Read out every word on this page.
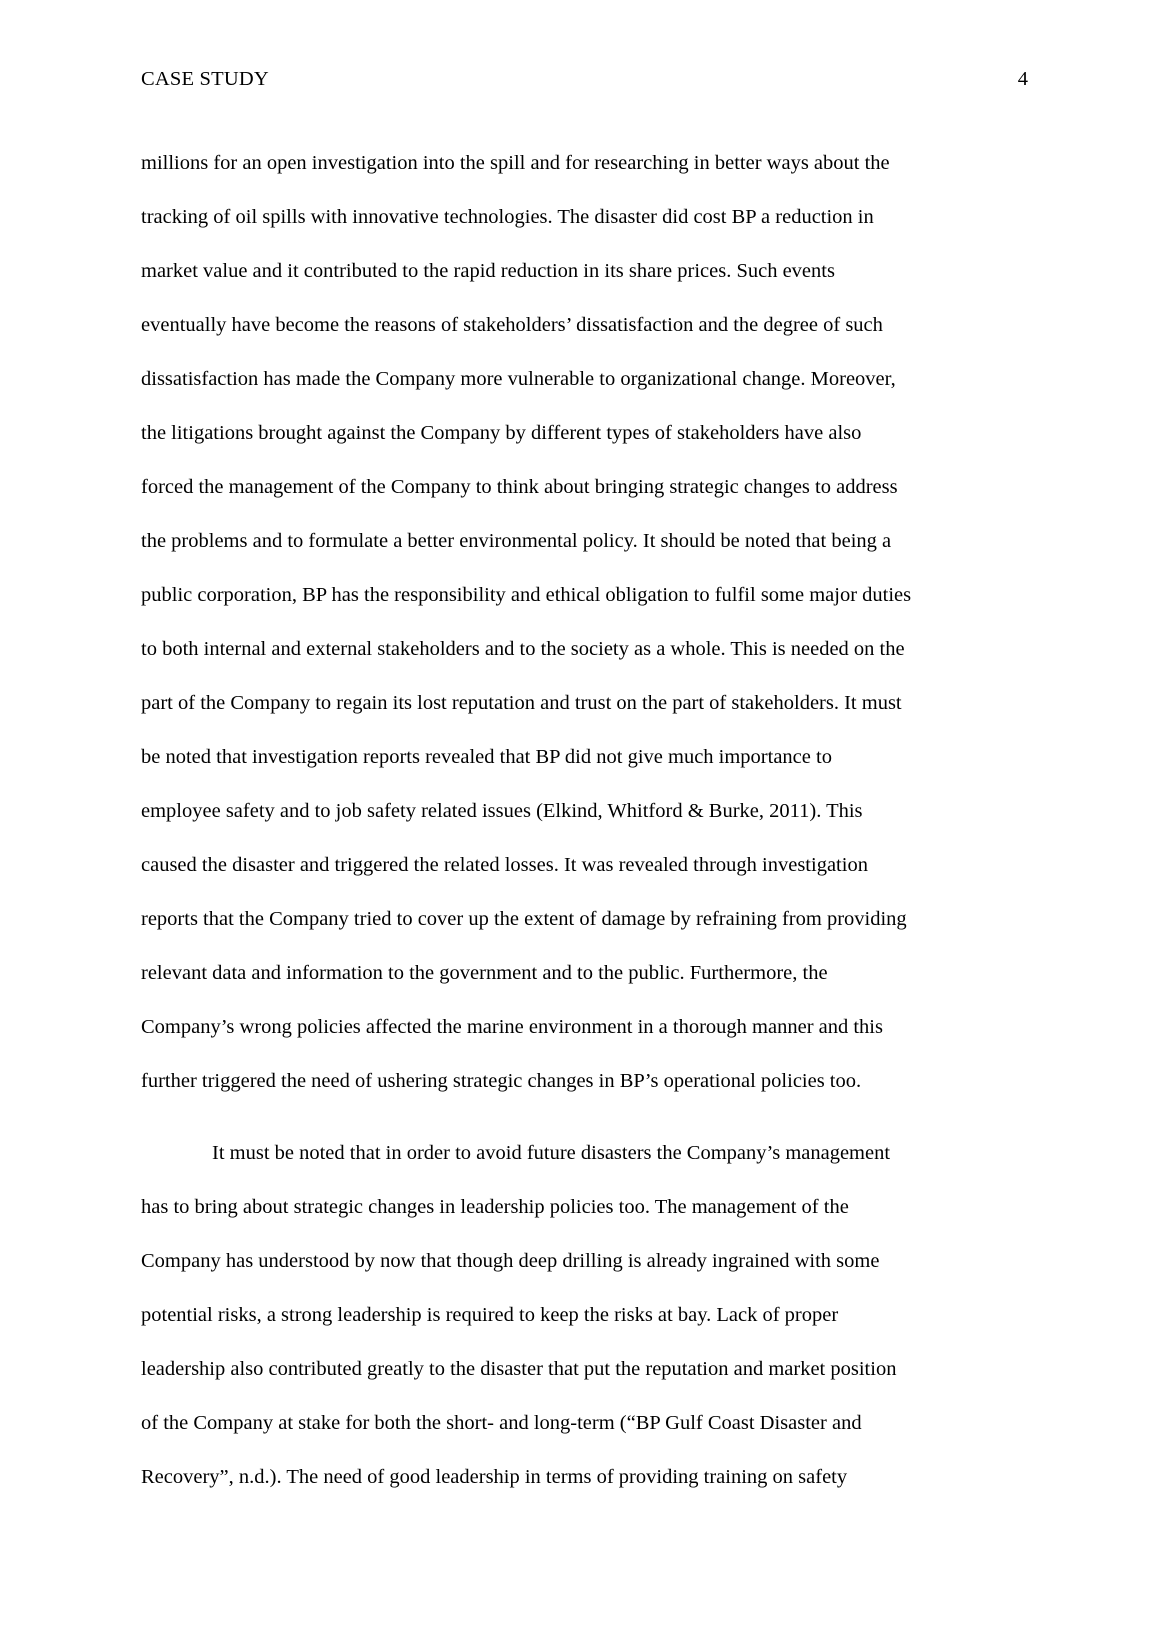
CASE STUDY	4
millions for an open investigation into the spill and for researching in better ways about the
tracking of oil spills with innovative technologies. The disaster did cost BP a reduction in
market value and it contributed to the rapid reduction in its share prices. Such events
eventually have become the reasons of stakeholders’ dissatisfaction and the degree of such
dissatisfaction has made the Company more vulnerable to organizational change. Moreover,
the litigations brought against the Company by different types of stakeholders have also
forced the management of the Company to think about bringing strategic changes to address
the problems and to formulate a better environmental policy. It should be noted that being a
public corporation, BP has the responsibility and ethical obligation to fulfil some major duties
to both internal and external stakeholders and to the society as a whole. This is needed on the
part of the Company to regain its lost reputation and trust on the part of stakeholders. It must
be noted that investigation reports revealed that BP did not give much importance to
employee safety and to job safety related issues (Elkind, Whitford & Burke, 2011). This
caused the disaster and triggered the related losses. It was revealed through investigation
reports that the Company tried to cover up the extent of damage by refraining from providing
relevant data and information to the government and to the public. Furthermore, the
Company’s wrong policies affected the marine environment in a thorough manner and this
further triggered the need of ushering strategic changes in BP’s operational policies too.
It must be noted that in order to avoid future disasters the Company’s management
has to bring about strategic changes in leadership policies too. The management of the
Company has understood by now that though deep drilling is already ingrained with some
potential risks, a strong leadership is required to keep the risks at bay. Lack of proper
leadership also contributed greatly to the disaster that put the reputation and market position
of the Company at stake for both the short- and long-term (“BP Gulf Coast Disaster and
Recovery”, n.d.). The need of good leadership in terms of providing training on safety
